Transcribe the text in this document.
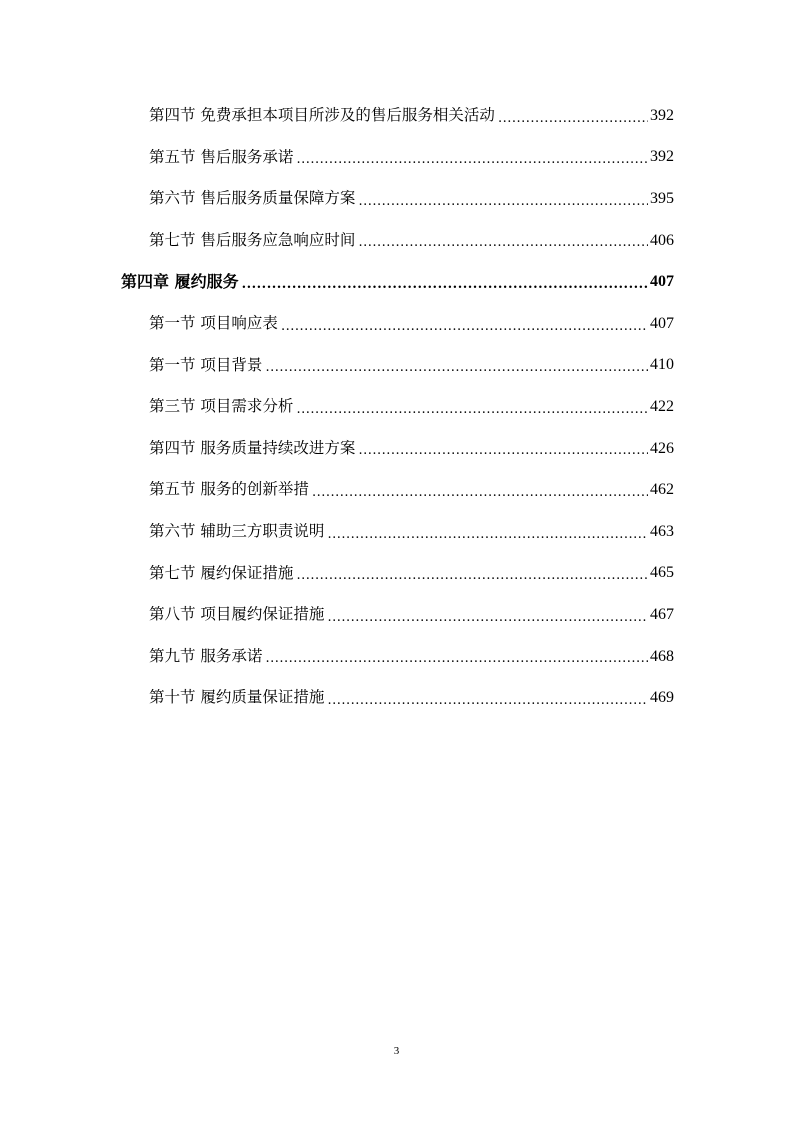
第四节 免费承担本项目所涉及的售后服务相关活动 .....	392
第五节 售后服务承诺 .....	392
第六节 售后服务质量保障方案 .....	395
第七节 售后服务应急响应时间 .....	406
第四章 履约服务 .....	407
第一节 项目响应表 .....	407
第一节 项目背景 .....	410
第三节 项目需求分析 .....	422
第四节 服务质量持续改进方案 .....	426
第五节 服务的创新举措 .....	462
第六节 辅助三方职责说明 .....	463
第七节 履约保证措施 .....	465
第八节 项目履约保证措施 .....	467
第九节 服务承诺 .....	468
第十节 履约质量保证措施 .....	469
3
